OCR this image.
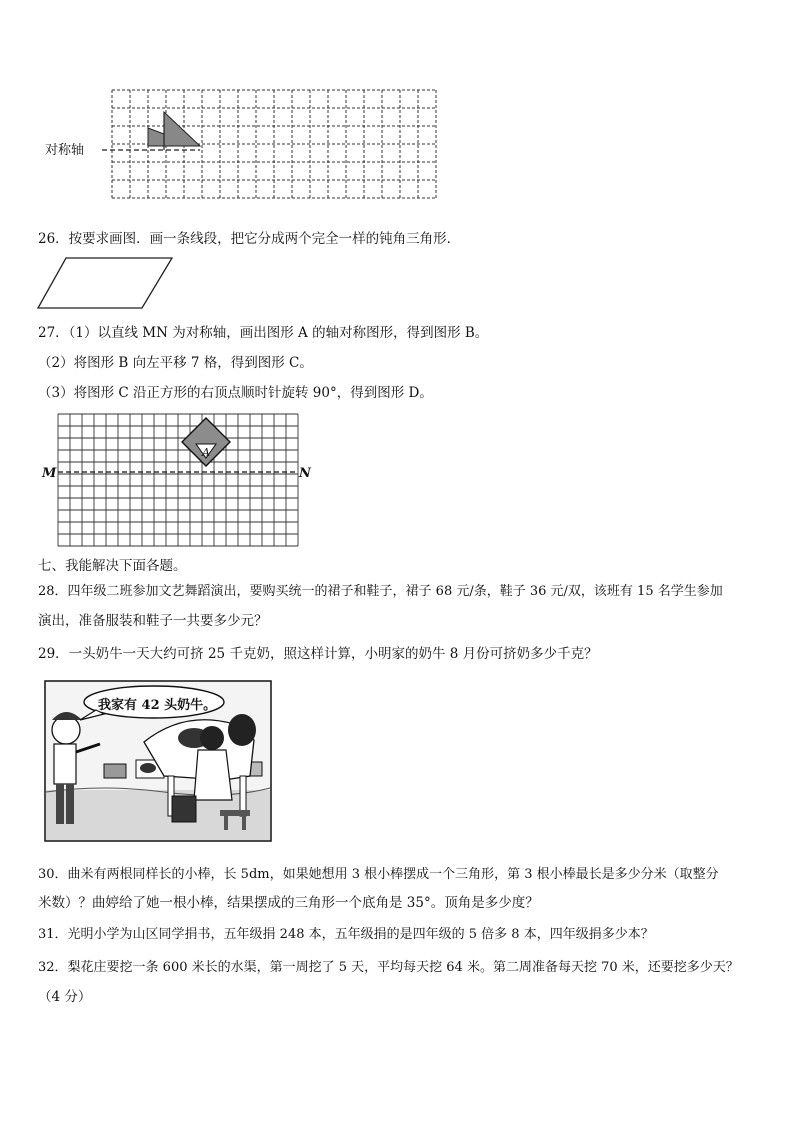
对称轴
26．按要求画图．画一条线段，把它分成两个完全一样的钝角三角形．
27．（1）以直线 MN 为对称轴，画出图形 A 的轴对称图形，得到图形 B。
（2）将图形 B 向左平移 7 格，得到图形 C。
（3）将图形 C 沿正方形的右顶点顺时针旋转 90°，得到图形 D。
A
M	N
七、我能解决下面各题。
28．四年级二班参加文艺舞蹈演出，要购买统一的裙子和鞋子，裙子 68 元/条，鞋子 36 元/双，该班有 15 名学生参加
演出，准备服装和鞋子一共要多少元？
29．一头奶牛一天大约可挤 25 千克奶，照这样计算，小明家的奶牛 8 月份可挤奶多少千克？
我家有 42 头奶牛。
30．曲米有两根同样长的小棒，长 5dm，如果她想用 3 根小棒摆成一个三角形，第 3 根小棒最长是多少分米（取整分
米数）？曲婷给了她一根小棒，结果摆成的三角形一个底角是 35°。顶角是多少度？
31．光明小学为山区同学捐书，五年级捐 248 本，五年级捐的是四年级的 5 倍多 8 本，四年级捐多少本？
32．梨花庄要挖一条 600 米长的水渠，第一周挖了 5 天，平均每天挖 64 米。第二周准备每天挖 70 米，还要挖多少天？
（4 分）
